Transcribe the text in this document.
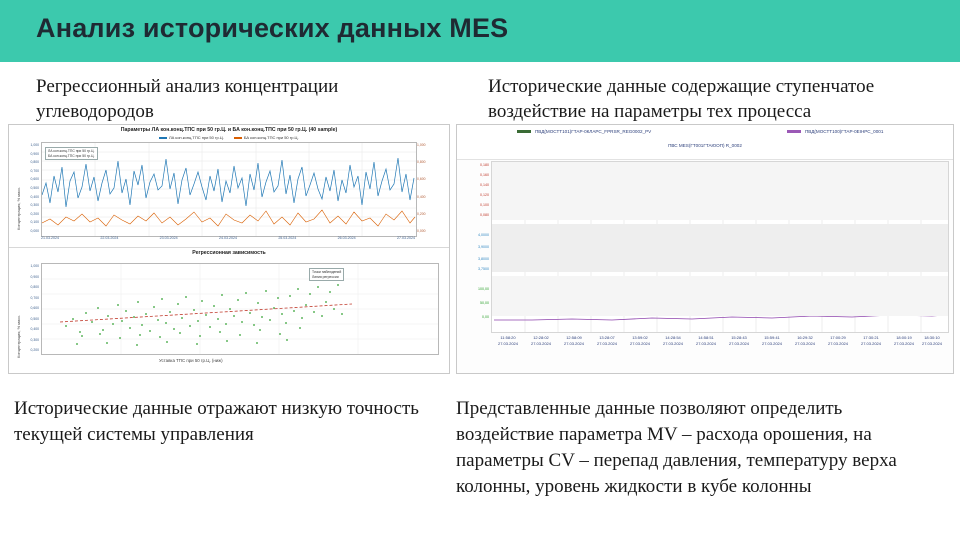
Анализ исторических данных MES
Регрессионный анализ концентрации углеводородов
Исторические данные содержащие ступенчатое воздействие на параметры тех процесса
Параметры ЛА кон.конц.ТПС при 50 гр.Ц. и БА кон.конц.ТПС при 50 гр.Ц. (40 sample)
ЛА кон.конц.ТПС при 50 гр.Ц.	БА кон.конц.ТПС при 50 гр.Ц.
Концентрация, % масс.
1,000
0,900
0,800
0,700
0,600
0,500
0,400
0,300
0,200
0,100
0,000
21.03.2024	22.03.2024	23.03.2024	24.03.2024	25.03.2024	26.03.2024	27.03.2024
ЛА кон.конц.ТПС при 50 гр.Ц.
БА кон.конц.ТПС при 50 гр.Ц.
1,000
0,800
0,600
0,400
0,200
0,000
Регрессионная зависимость
Концентрация, % масс.
1,000
0,900
0,800
0,700
0,600
0,500
0,400
0,300
0,200
Точки наблюдений
Линия регрессии
Уставка ТПС при 50 гр.Ц. (ниж)
ПВД(МОСТТ101)ГТАР-0КЛАРС_FPRSR_REG0002_PV	ПВД(МОСТТ100)ГТАР-0ЕІНРС_0001
ПВС МЕЅ(ГТ001ГТАЮОП) R_0002
0,180
0,160
0,140
0,120
0,100
0,080
4,0000
3,9000
3,8000
3,7500
100,00
50,00
0,00
11:58:20
27.03.2024
12:28:02
27.03.2024
12:58:09
27.03.2024
13:28:07
27.03.2024
13:59:02
27.03.2024
14:28:54
27.03.2024
14:58:51
27.03.2024
15:28:43
27.03.2024
15:59:41
27.03.2024
16:29:32
27.03.2024
17:00:29
27.03.2024
17:30:21
27.03.2024
18:00:19
27.03.2024
18:30:10
27.03.2024
Исторические данные отражают низкую точность текущей системы управления
Представленные данные позволяют определить воздействие параметра MV – расхода орошения, на параметры CV – перепад давления, температуру верха колонны, уровень жидкости в кубе колонны
